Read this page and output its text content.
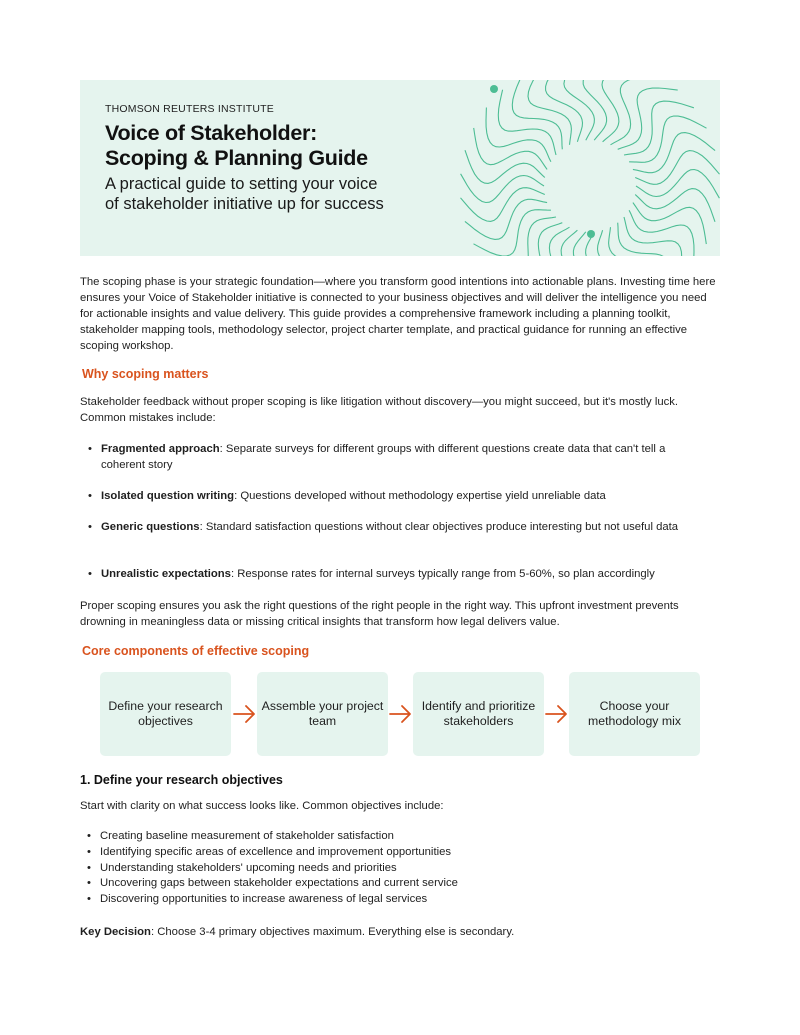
THOMSON REUTERS INSTITUTE
Voice of Stakeholder:
Scoping & Planning Guide
A practical guide to setting your voice
of stakeholder initiative up for success

The scoping phase is your strategic foundation—where you transform good intentions into actionable plans. Investing time here ensures your Voice of Stakeholder initiative is connected to your business objectives and will deliver the intelligence you need for actionable insights and value delivery. This guide provides a comprehensive framework including a planning toolkit, stakeholder mapping tools, methodology selector, project charter template, and practical guidance for running an effective scoping workshop.

Why scoping matters

Stakeholder feedback without proper scoping is like litigation without discovery—you might succeed, but it's mostly luck. Common mistakes include:

• Fragmented approach: Separate surveys for different groups with different questions create data that can't tell a coherent story
• Isolated question writing: Questions developed without methodology expertise yield unreliable data
• Generic questions: Standard satisfaction questions without clear objectives produce interesting but not useful data
• Unrealistic expectations: Response rates for internal surveys typically range from 5-60%, so plan accordingly

Proper scoping ensures you ask the right questions of the right people in the right way. This upfront investment prevents drowning in meaningless data or missing critical insights that transform how legal delivers value.

Core components of effective scoping
Define your research objectives
Assemble your project team
Identify and prioritize stakeholders
Choose your methodology mix
1. Define your research objectives

Start with clarity on what success looks like. Common objectives include:

• Creating baseline measurement of stakeholder satisfaction
• Identifying specific areas of excellence and improvement opportunities
• Understanding stakeholders' upcoming needs and priorities
• Uncovering gaps between stakeholder expectations and current service
• Discovering opportunities to increase awareness of legal services

Key Decision: Choose 3-4 primary objectives maximum. Everything else is secondary.
